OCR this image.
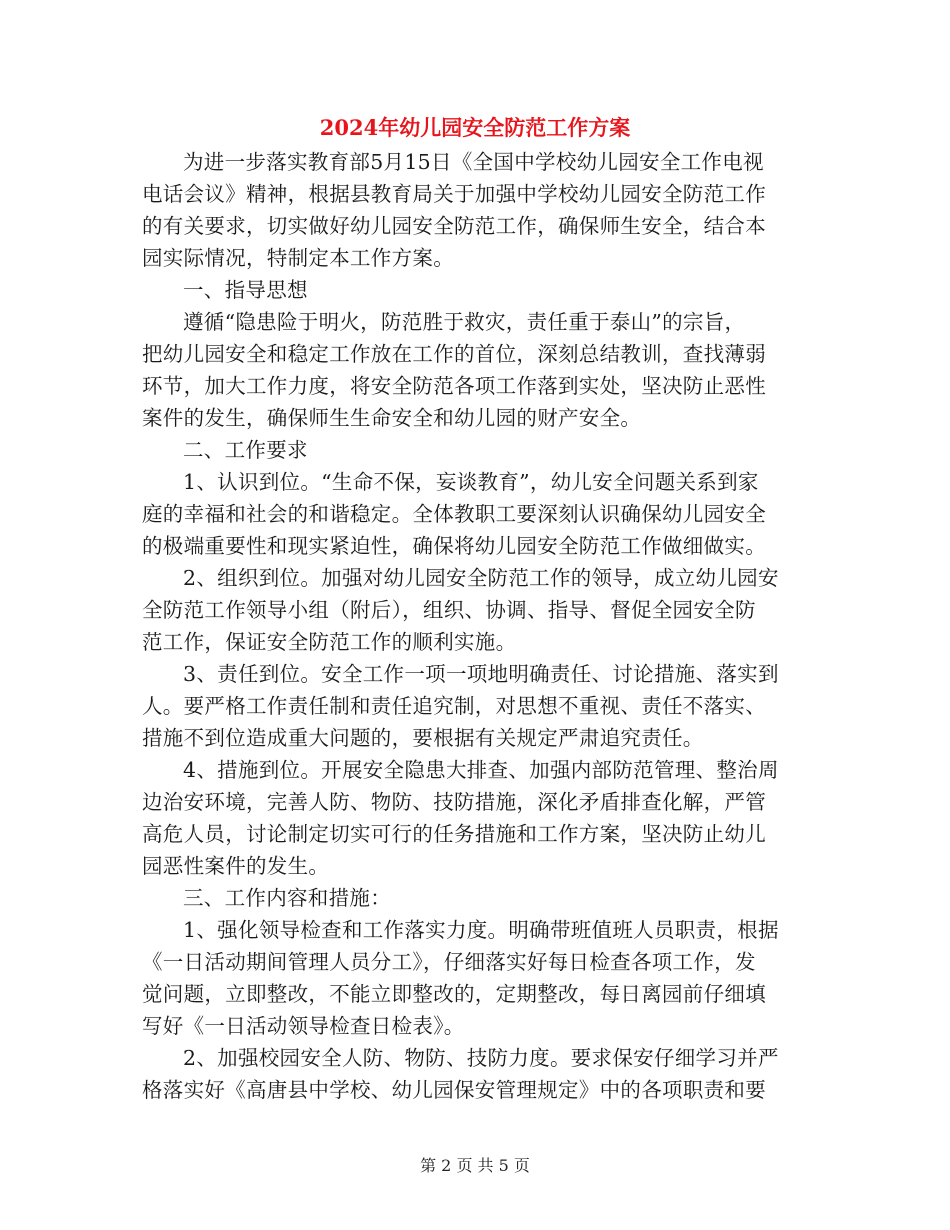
2024年幼儿园安全防范工作方案

为进一步落实教育部5月15日《全国中学校幼儿园安全工作电视
电话会议》精神，根据县教育局关于加强中学校幼儿园安全防范工作
的有关要求，切实做好幼儿园安全防范工作，确保师生安全，结合本
园实际情况，特制定本工作方案。

一、指导思想

遵循“隐患险于明火，防范胜于救灾，责任重于泰山”的宗旨，
把幼儿园安全和稳定工作放在工作的首位，深刻总结教训，查找薄弱
环节，加大工作力度，将安全防范各项工作落到实处，坚决防止恶性
案件的发生，确保师生生命安全和幼儿园的财产安全。

二、工作要求

1、认识到位。“生命不保，妄谈教育”，幼儿安全问题关系到家
庭的幸福和社会的和谐稳定。全体教职工要深刻认识确保幼儿园安全
的极端重要性和现实紧迫性，确保将幼儿园安全防范工作做细做实。

2、组织到位。加强对幼儿园安全防范工作的领导，成立幼儿园安
全防范工作领导小组（附后），组织、协调、指导、督促全园安全防
范工作，保证安全防范工作的顺利实施。

3、责任到位。安全工作一项一项地明确责任、讨论措施、落实到
人。要严格工作责任制和责任追究制，对思想不重视、责任不落实、
措施不到位造成重大问题的，要根据有关规定严肃追究责任。

4、措施到位。开展安全隐患大排查、加强内部防范管理、整治周
边治安环境，完善人防、物防、技防措施，深化矛盾排查化解，严管
高危人员，讨论制定切实可行的任务措施和工作方案，坚决防止幼儿
园恶性案件的发生。

三、工作内容和措施：

1、强化领导检查和工作落实力度。明确带班值班人员职责，根据
《一日活动期间管理人员分工》，仔细落实好每日检查各项工作，发
觉问题，立即整改，不能立即整改的，定期整改，每日离园前仔细填
写好《一日活动领导检查日检表》。

2、加强校园安全人防、物防、技防力度。要求保安仔细学习并严
格落实好《高唐县中学校、幼儿园保安管理规定》中的各项职责和要

第 2 页 共 5 页
